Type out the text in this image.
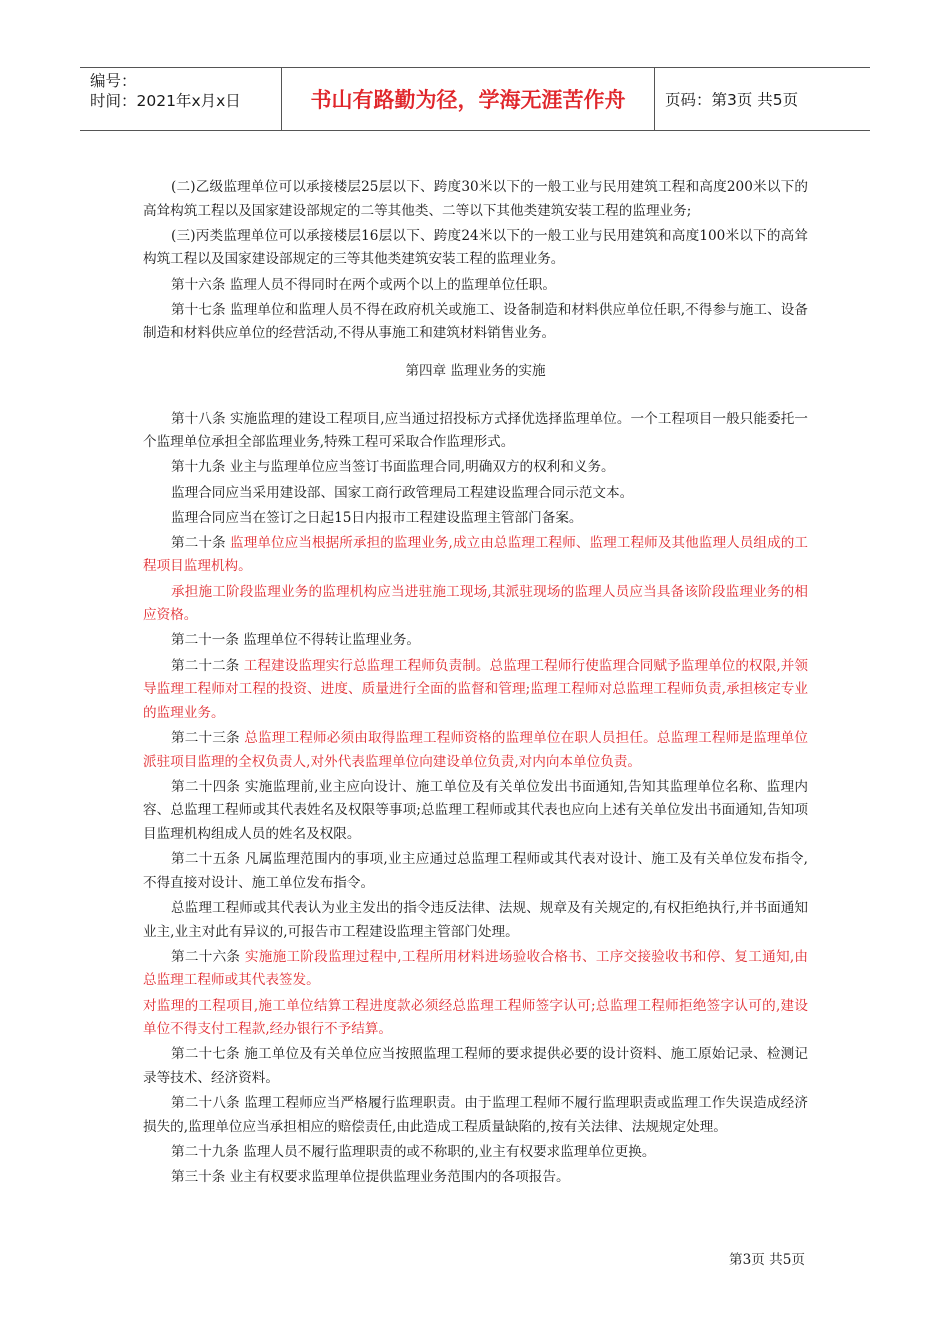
编号：
时间：2021年x月x日	书山有路勤为径，学海无涯苦作舟	页码：第3页 共5页

(二)乙级监理单位可以承接楼层25层以下、跨度30米以下的一般工业与民用建筑工程和高度200米以下的高耸构筑工程以及国家建设部规定的二等其他类、二等以下其他类建筑安装工程的监理业务;

(三)丙类监理单位可以承接楼层16层以下、跨度24米以下的一般工业与民用建筑和高度100米以下的高耸构筑工程以及国家建设部规定的三等其他类建筑安装工程的监理业务。

第十六条 监理人员不得同时在两个或两个以上的监理单位任职。

第十七条 监理单位和监理人员不得在政府机关或施工、设备制造和材料供应单位任职,不得参与施工、设备制造和材料供应单位的经营活动,不得从事施工和建筑材料销售业务。

第四章 监理业务的实施

第十八条 实施监理的建设工程项目,应当通过招投标方式择优选择监理单位。一个工程项目一般只能委托一个监理单位承担全部监理业务,特殊工程可采取合作监理形式。

第十九条 业主与监理单位应当签订书面监理合同,明确双方的权利和义务。

监理合同应当采用建设部、国家工商行政管理局工程建设监理合同示范文本。

监理合同应当在签订之日起15日内报市工程建设监理主管部门备案。

第二十条 监理单位应当根据所承担的监理业务,成立由总监理工程师、监理工程师及其他监理人员组成的工程项目监理机构。

承担施工阶段监理业务的监理机构应当进驻施工现场,其派驻现场的监理人员应当具备该阶段监理业务的相应资格。

第二十一条 监理单位不得转让监理业务。

第二十二条 工程建设监理实行总监理工程师负责制。总监理工程师行使监理合同赋予监理单位的权限,并领导监理工程师对工程的投资、进度、质量进行全面的监督和管理;监理工程师对总监理工程师负责,承担核定专业的监理业务。

第二十三条 总监理工程师必须由取得监理工程师资格的监理单位在职人员担任。总监理工程师是监理单位派驻项目监理的全权负责人,对外代表监理单位向建设单位负责,对内向本单位负责。

第二十四条 实施监理前,业主应向设计、施工单位及有关单位发出书面通知,告知其监理单位名称、监理内容、总监理工程师或其代表姓名及权限等事项;总监理工程师或其代表也应向上述有关单位发出书面通知,告知项目监理机构组成人员的姓名及权限。

第二十五条 凡属监理范围内的事项,业主应通过总监理工程师或其代表对设计、施工及有关单位发布指令,不得直接对设计、施工单位发布指令。

总监理工程师或其代表认为业主发出的指令违反法律、法规、规章及有关规定的,有权拒绝执行,并书面通知业主,业主对此有异议的,可报告市工程建设监理主管部门处理。

第二十六条 实施施工阶段监理过程中,工程所用材料进场验收合格书、工序交接验收书和停、复工通知,由总监理工程师或其代表签发。

对监理的工程项目,施工单位结算工程进度款必须经总监理工程师签字认可;总监理工程师拒绝签字认可的,建设单位不得支付工程款,经办银行不予结算。

第二十七条 施工单位及有关单位应当按照监理工程师的要求提供必要的设计资料、施工原始记录、检测记录等技术、经济资料。

第二十八条 监理工程师应当严格履行监理职责。由于监理工程师不履行监理职责或监理工作失误造成经济损失的,监理单位应当承担相应的赔偿责任,由此造成工程质量缺陷的,按有关法律、法规规定处理。

第二十九条 监理人员不履行监理职责的或不称职的,业主有权要求监理单位更换。

第三十条 业主有权要求监理单位提供监理业务范围内的各项报告。

第3页 共5页
